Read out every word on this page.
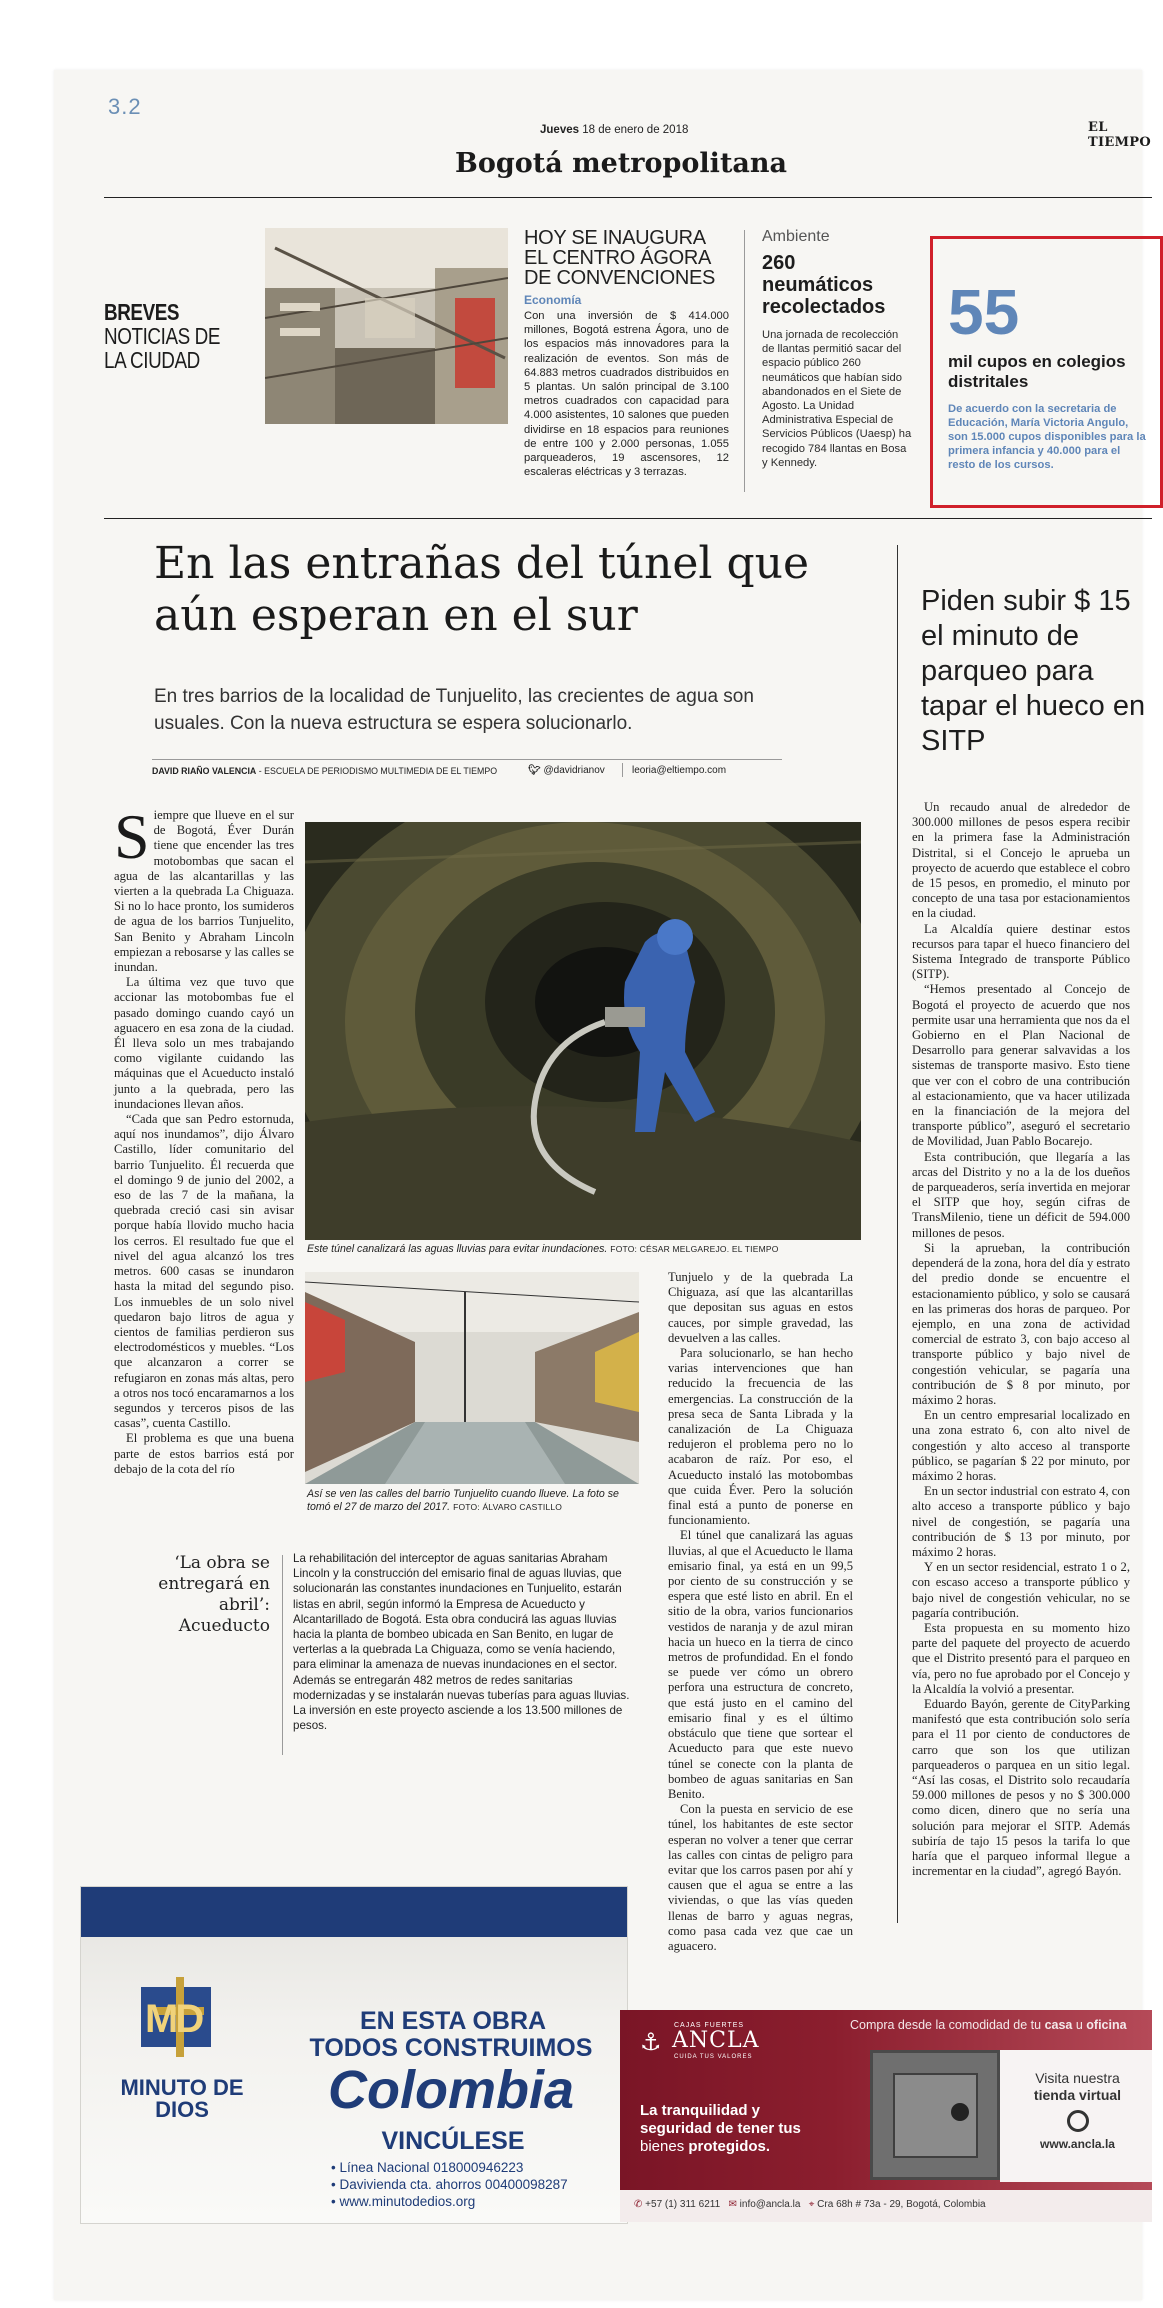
3.2
Jueves 18 de enero de 2018	EL TIEMPO
Bogotá metropolitana
BREVES
NOTICIAS DE LA CIUDAD
HOY SE INAUGURA EL CENTRO ÁGORA DE CONVENCIONES
Economía
Con una inversión de $ 414.000 millones, Bogotá estrena Ágora, uno de los espacios más innovadores para la realización de eventos. Son más de 64.883 metros cuadrados distribuidos en 5 plantas. Un salón principal de 3.100 metros cuadrados con capacidad para 4.000 asistentes, 10 salones que pueden dividirse en 18 espacios para reuniones de entre 100 y 2.000 personas, 1.055 parqueaderos, 19 ascensores, 12 escaleras eléctricas y 3 terrazas.
Ambiente
260 neumáticos recolectados
Una jornada de recolección de llantas permitió sacar del espacio público 260 neumáticos que habían sido abandonados en el Siete de Agosto. La Unidad Administrativa Especial de Servicios Públicos (Uaesp) ha recogido 784 llantas en Bosa y Kennedy.
55
mil cupos en colegios distritales
De acuerdo con la secretaria de Educación, María Victoria Angulo, son 15.000 cupos disponibles para la primera infancia y 40.000 para el resto de los cursos.
En las entrañas del túnel que aún esperan en el sur
En tres barrios de la localidad de Tunjuelito, las crecientes de agua son usuales. Con la nueva estructura se espera solucionarlo.
DAVID RIAÑO VALENCIA - ESCUELA DE PERIODISMO MULTIMEDIA DE EL TIEMPO	🐦︎ @davidrianov	leoria@eltiempo.com
S iempre que llueve en el sur de Bogotá, Éver Durán tiene que encender las tres motobombas que sacan el agua de las alcantarillas y las vierten a la quebrada La Chiguaza. Si no lo hace pronto, los sumideros de agua de los barrios Tunjuelito, San Benito y Abraham Lincoln empiezan a rebosarse y las calles se inundan.

La última vez que tuvo que accionar las motobombas fue el pasado domingo cuando cayó un aguacero en esa zona de la ciudad. Él lleva solo un mes trabajando como vigilante cuidando las máquinas que el Acueducto instaló junto a la quebrada, pero las inundaciones llevan años.

“Cada que san Pedro estornuda, aquí nos inundamos”, dijo Álvaro Castillo, líder comunitario del barrio Tunjuelito. Él recuerda que el domingo 9 de junio del 2002, a eso de las 7 de la mañana, la quebrada creció casi sin avisar porque había llovido mucho hacia los cerros. El resultado fue que el nivel del agua alcanzó los tres metros. 600 casas se inundaron hasta la mitad del segundo piso. Los inmuebles de un solo nivel quedaron bajo litros de agua y cientos de familias perdieron sus electrodomésticos y muebles. “Los que alcanzaron a correr se refugiaron en zonas más altas, pero a otros nos tocó encaramarnos a los segundos y terceros pisos de las casas”, cuenta Castillo.

El problema es que una buena parte de estos barrios está por debajo de la cota del río

Este túnel canalizará las aguas lluvias para evitar inundaciones. FOTO: CÉSAR MELGAREJO. EL TIEMPO
Así se ven las calles del barrio Tunjuelito cuando llueve. La foto se tomó el 27 de marzo del 2017. FOTO: ÁLVARO CASTILLO

Tunjuelo y de la quebrada La Chiguaza, así que las alcantarillas que depositan sus aguas en estos cauces, por simple gravedad, las devuelven a las calles.

Para solucionarlo, se han hecho varias intervenciones que han reducido la frecuencia de las emergencias. La construcción de la presa seca de Santa Librada y la canalización de La Chiguaza redujeron el problema pero no lo acabaron de raíz. Por eso, el Acueducto instaló las motobombas que cuida Éver. Pero la solución final está a punto de ponerse en funcionamiento.

El túnel que canalizará las aguas lluvias, al que el Acueducto le llama emisario final, ya está en un 99,5 por ciento de su construcción y se espera que esté listo en abril. En el sitio de la obra, varios funcionarios vestidos de naranja y de azul miran hacia un hueco en la tierra de cinco metros de profundidad. En el fondo se puede ver cómo un obrero perfora una estructura de concreto, que está justo en el camino del emisario final y es el último obstáculo que tiene que sortear el Acueducto para que este nuevo túnel se conecte con la planta de bombeo de aguas sanitarias en San Benito.

Con la puesta en servicio de ese túnel, los habitantes de este sector esperan no volver a tener que cerrar las calles con cintas de peligro para evitar que los carros pasen por ahí y causen que el agua se entre a las viviendas, o que las vías queden llenas de barro y aguas negras, como pasa cada vez que cae un aguacero.

‘La obra se entregará en abril’: Acueducto
La rehabilitación del interceptor de aguas sanitarias Abraham Lincoln y la construcción del emisario final de aguas lluvias, que solucionarán las constantes inundaciones en Tunjuelito, estarán listas en abril, según informó la Empresa de Acueducto y Alcantarillado de Bogotá. Esta obra conducirá las aguas lluvias hacia la planta de bombeo ubicada en San Benito, en lugar de verterlas a la quebrada La Chiguaza, como se venía haciendo, para eliminar la amenaza de nuevas inundaciones en el sector. Además se entregarán 482 metros de redes sanitarias modernizadas y se instalarán nuevas tuberías para aguas lluvias. La inversión en este proyecto asciende a los 13.500 millones de pesos.
Piden subir $ 15 el minuto de parqueo para tapar el hueco en SITP

Un recaudo anual de alrededor de 300.000 millones de pesos espera recibir en la primera fase la Administración Distrital, si el Concejo le aprueba un proyecto de acuerdo que establece el cobro de 15 pesos, en promedio, el minuto por concepto de una tasa por estacionamientos en la ciudad.

La Alcaldía quiere destinar estos recursos para tapar el hueco financiero del Sistema Integrado de transporte Público (SITP).

“Hemos presentado al Concejo de Bogotá el proyecto de acuerdo que nos permite usar una herramienta que nos da el Gobierno en el Plan Nacional de Desarrollo para generar salvavidas a los sistemas de transporte masivo. Esto tiene que ver con el cobro de una contribución al estacionamiento, que va hacer utilizada en la financiación de la mejora del transporte público”, aseguró el secretario de Movilidad, Juan Pablo Bocarejo.

Esta contribución, que llegaría a las arcas del Distrito y no a la de los dueños de parqueaderos, sería invertida en mejorar el SITP que hoy, según cifras de TransMilenio, tiene un déficit de 594.000 millones de pesos.

Si la aprueban, la contribución dependerá de la zona, hora del día y estrato del predio donde se encuentre el estacionamiento público, y solo se causará en las primeras dos horas de parqueo. Por ejemplo, en una zona de actividad comercial de estrato 3, con bajo acceso al transporte público y bajo nivel de congestión vehicular, se pagaría una contribución de $ 8 por minuto, por máximo 2 horas.

En un centro empresarial localizado en una zona estrato 6, con alto nivel de congestión y alto acceso al transporte público, se pagarían $ 22 por minuto, por máximo 2 horas.

En un sector industrial con estrato 4, con alto acceso a transporte público y bajo nivel de congestión, se pagaría una contribución de $ 13 por minuto, por máximo 2 horas.

Y en un sector residencial, estrato 1 o 2, con escaso acceso a transporte público y bajo nivel de congestión vehicular, no se pagaría contribución.

Esta propuesta en su momento hizo parte del paquete del proyecto de acuerdo que el Distrito presentó para el parqueo en vía, pero no fue aprobado por el Concejo y la Alcaldía la volvió a presentar.

Eduardo Bayón, gerente de CityParking manifestó que esta contribución solo sería para el 11 por ciento de conductores de carro que son los que utilizan parqueaderos o parquea en un sitio legal. “Así las cosas, el Distrito solo recaudaría 59.000 millones de pesos y no $ 300.000 como dicen, dinero que no sería una solución para mejorar el SITP. Además subiría de tajo 15 pesos la tarifa lo que haría que el parqueo informal llegue a incrementar en la ciudad”, agregó Bayón.

MD
MINUTO DE DIOS
EN ESTA OBRA
TODOS CONSTRUIMOS
Colombia
VINCÚLESE
• Línea Nacional 018000946223
• Davivienda cta. ahorros 00400098287
• www.minutodedios.org
Compra desde la comodidad de tu casa u oficina
⚓
CAJAS FUERTES
ANCLA
CUIDA TUS VALORES
Visita nuestra
tienda virtual
www.ancla.la
La tranquilidad y
seguridad de tener tus
bienes protegidos.
✆ +57 (1) 311 6211 ✉ info@ancla.la ⌖ Cra 68h # 73a - 29, Bogotá, Colombia
